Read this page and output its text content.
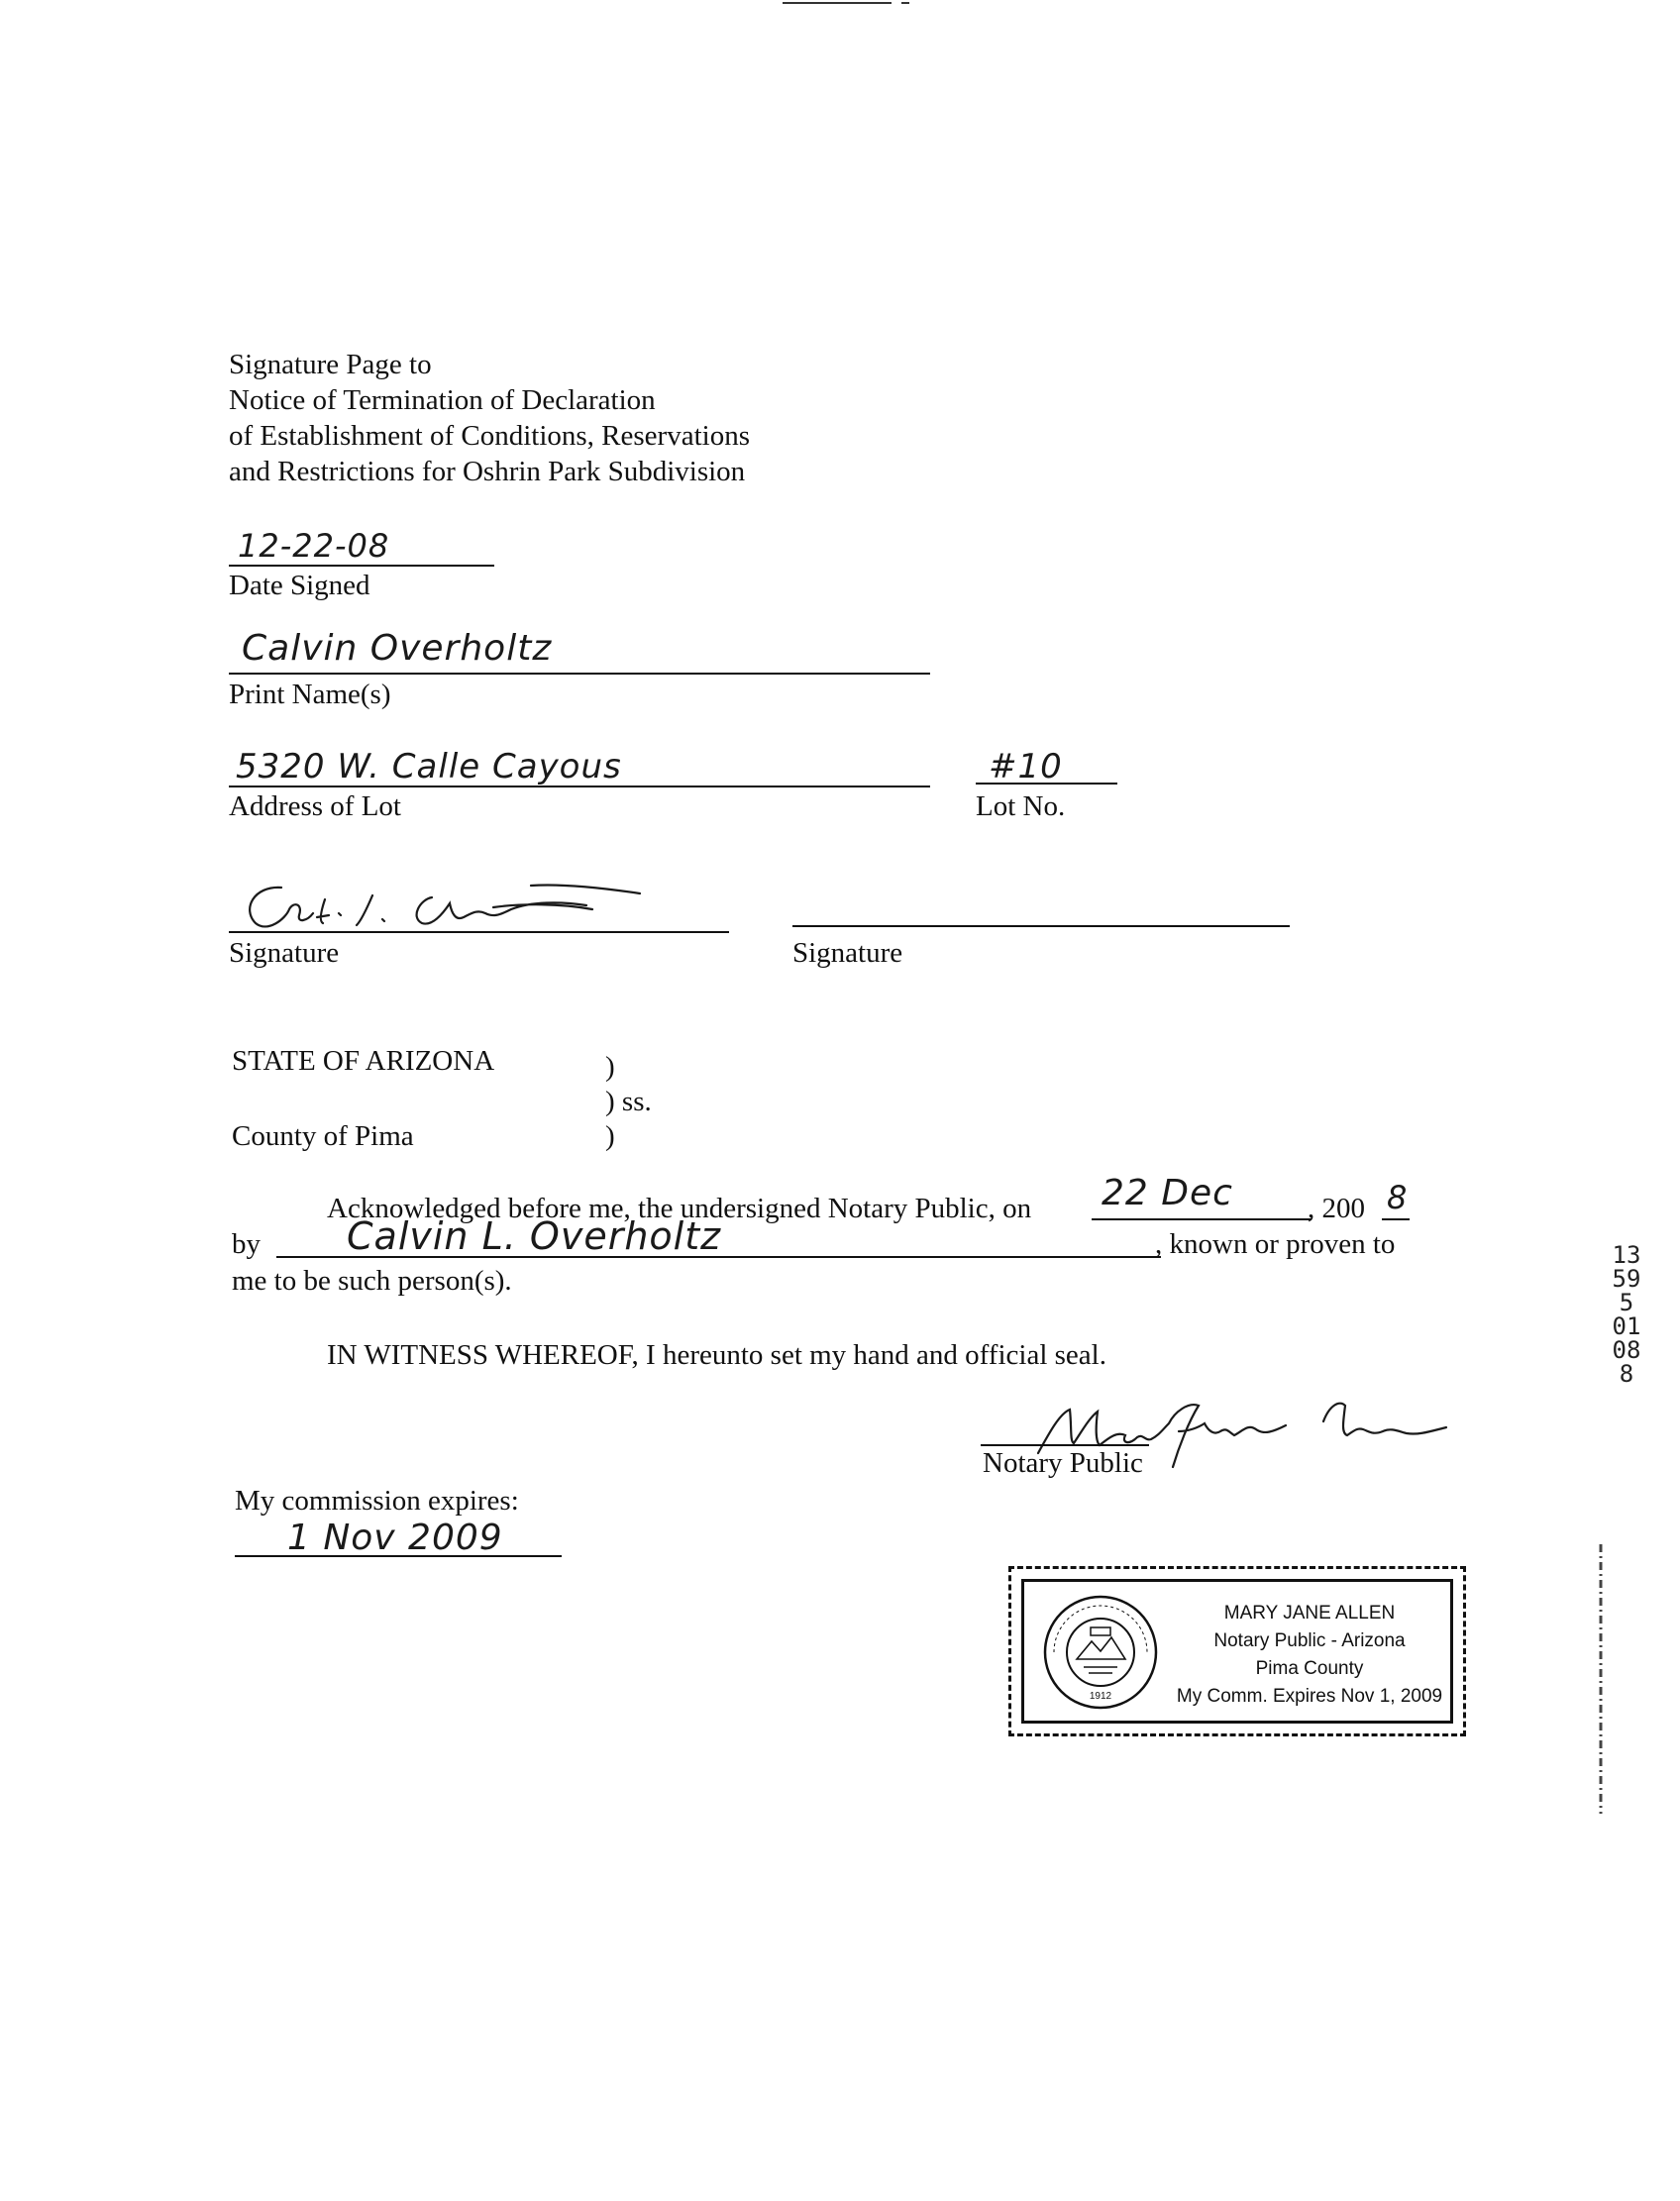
Signature Page to
Notice of Termination of Declaration
of Establishment of Conditions, Reservations
and Restrictions for Oshrin Park Subdivision
12-22-08
Date Signed
Calvin Overholtz
Print Name(s)
5320 W. Calle Cayous
Address of Lot
#10
Lot No.
Signature	Signature
STATE OF ARIZONA	)
) ss.
County of Pima	)
Acknowledged before me, the undersigned Notary Public, on 22 Dec	, 200 8
by Calvin L. Overholtz	, known or proven to
me to be such person(s).
IN WITNESS WHEREOF, I hereunto set my hand and official seal.
Notary Public
My commission expires:
1 Nov 2009
1912
MARY JANE ALLEN
Notary Public - Arizona
Pima County
My Comm. Expires Nov 1, 2009
13595 01088
